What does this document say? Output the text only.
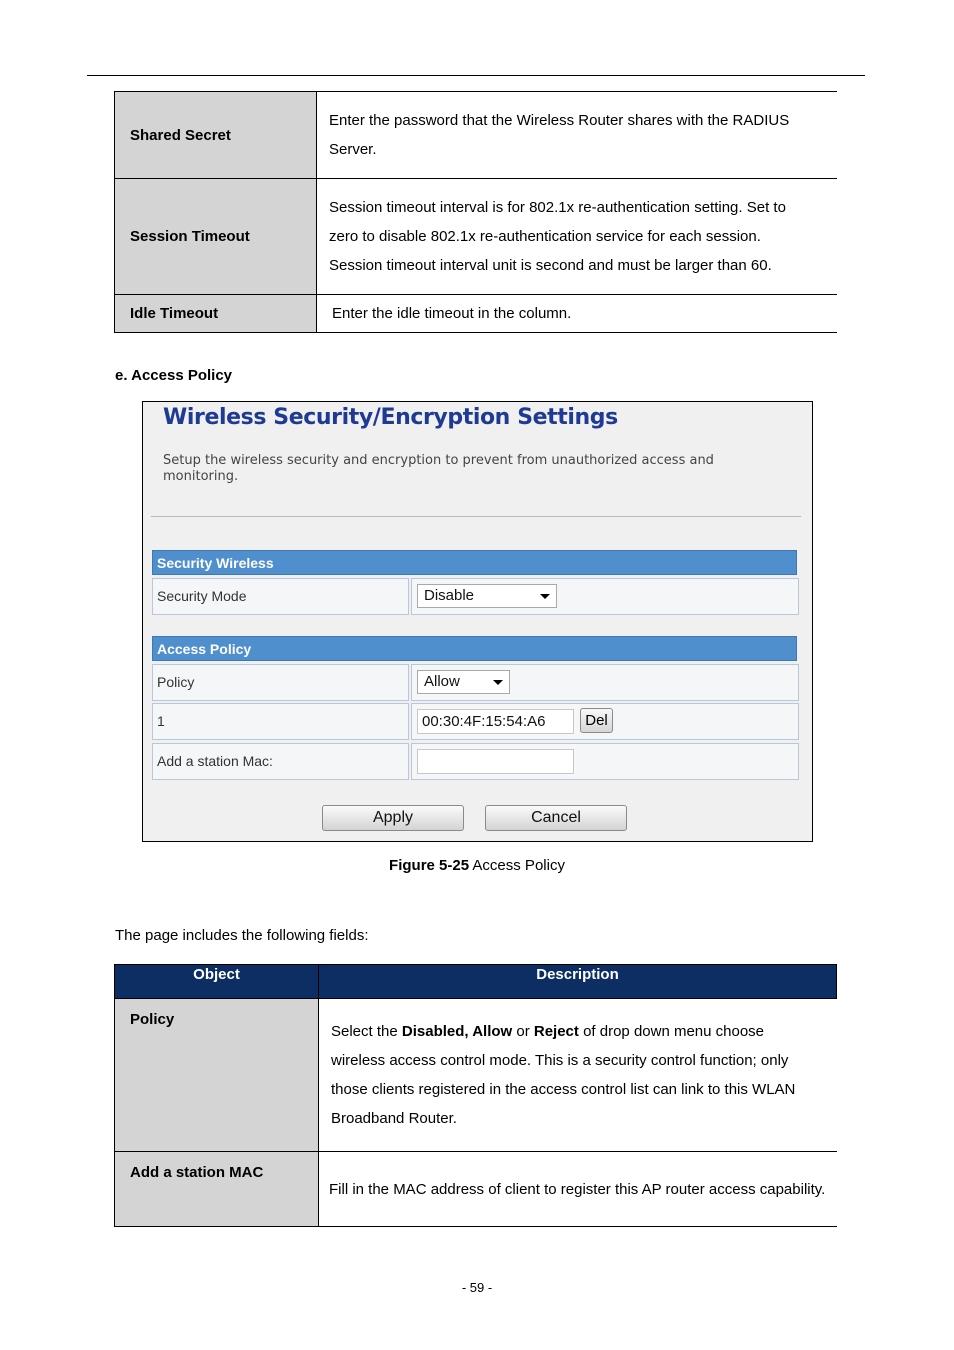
Shared Secret	Enter the password that the Wireless Router shares with the RADIUS
Server.
Session Timeout	Session timeout interval is for 802.1x re-authentication setting. Set to
zero to disable 802.1x re-authentication service for each session.
Session timeout interval unit is second and must be larger than 60.
Idle Timeout	Enter the idle timeout in the column.
e. Access Policy
Wireless Security/Encryption Settings
Setup the wireless security and encryption to prevent from unauthorized access and monitoring.
Security Wireless
Security Mode	Disable
Access Policy
Policy	Allow
1	00:30:4F:15:54:A6	Del
Add a station Mac:
Apply	Cancel
Figure 5-25 Access Policy
The page includes the following fields:
Object	Description
Policy	Select the Disabled, Allow or Reject of drop down menu choose
wireless access control mode. This is a security control function; only
those clients registered in the access control list can link to this WLAN
Broadband Router.
Add a station MAC	Fill in the MAC address of client to register this AP router access capability.
- 59 -
